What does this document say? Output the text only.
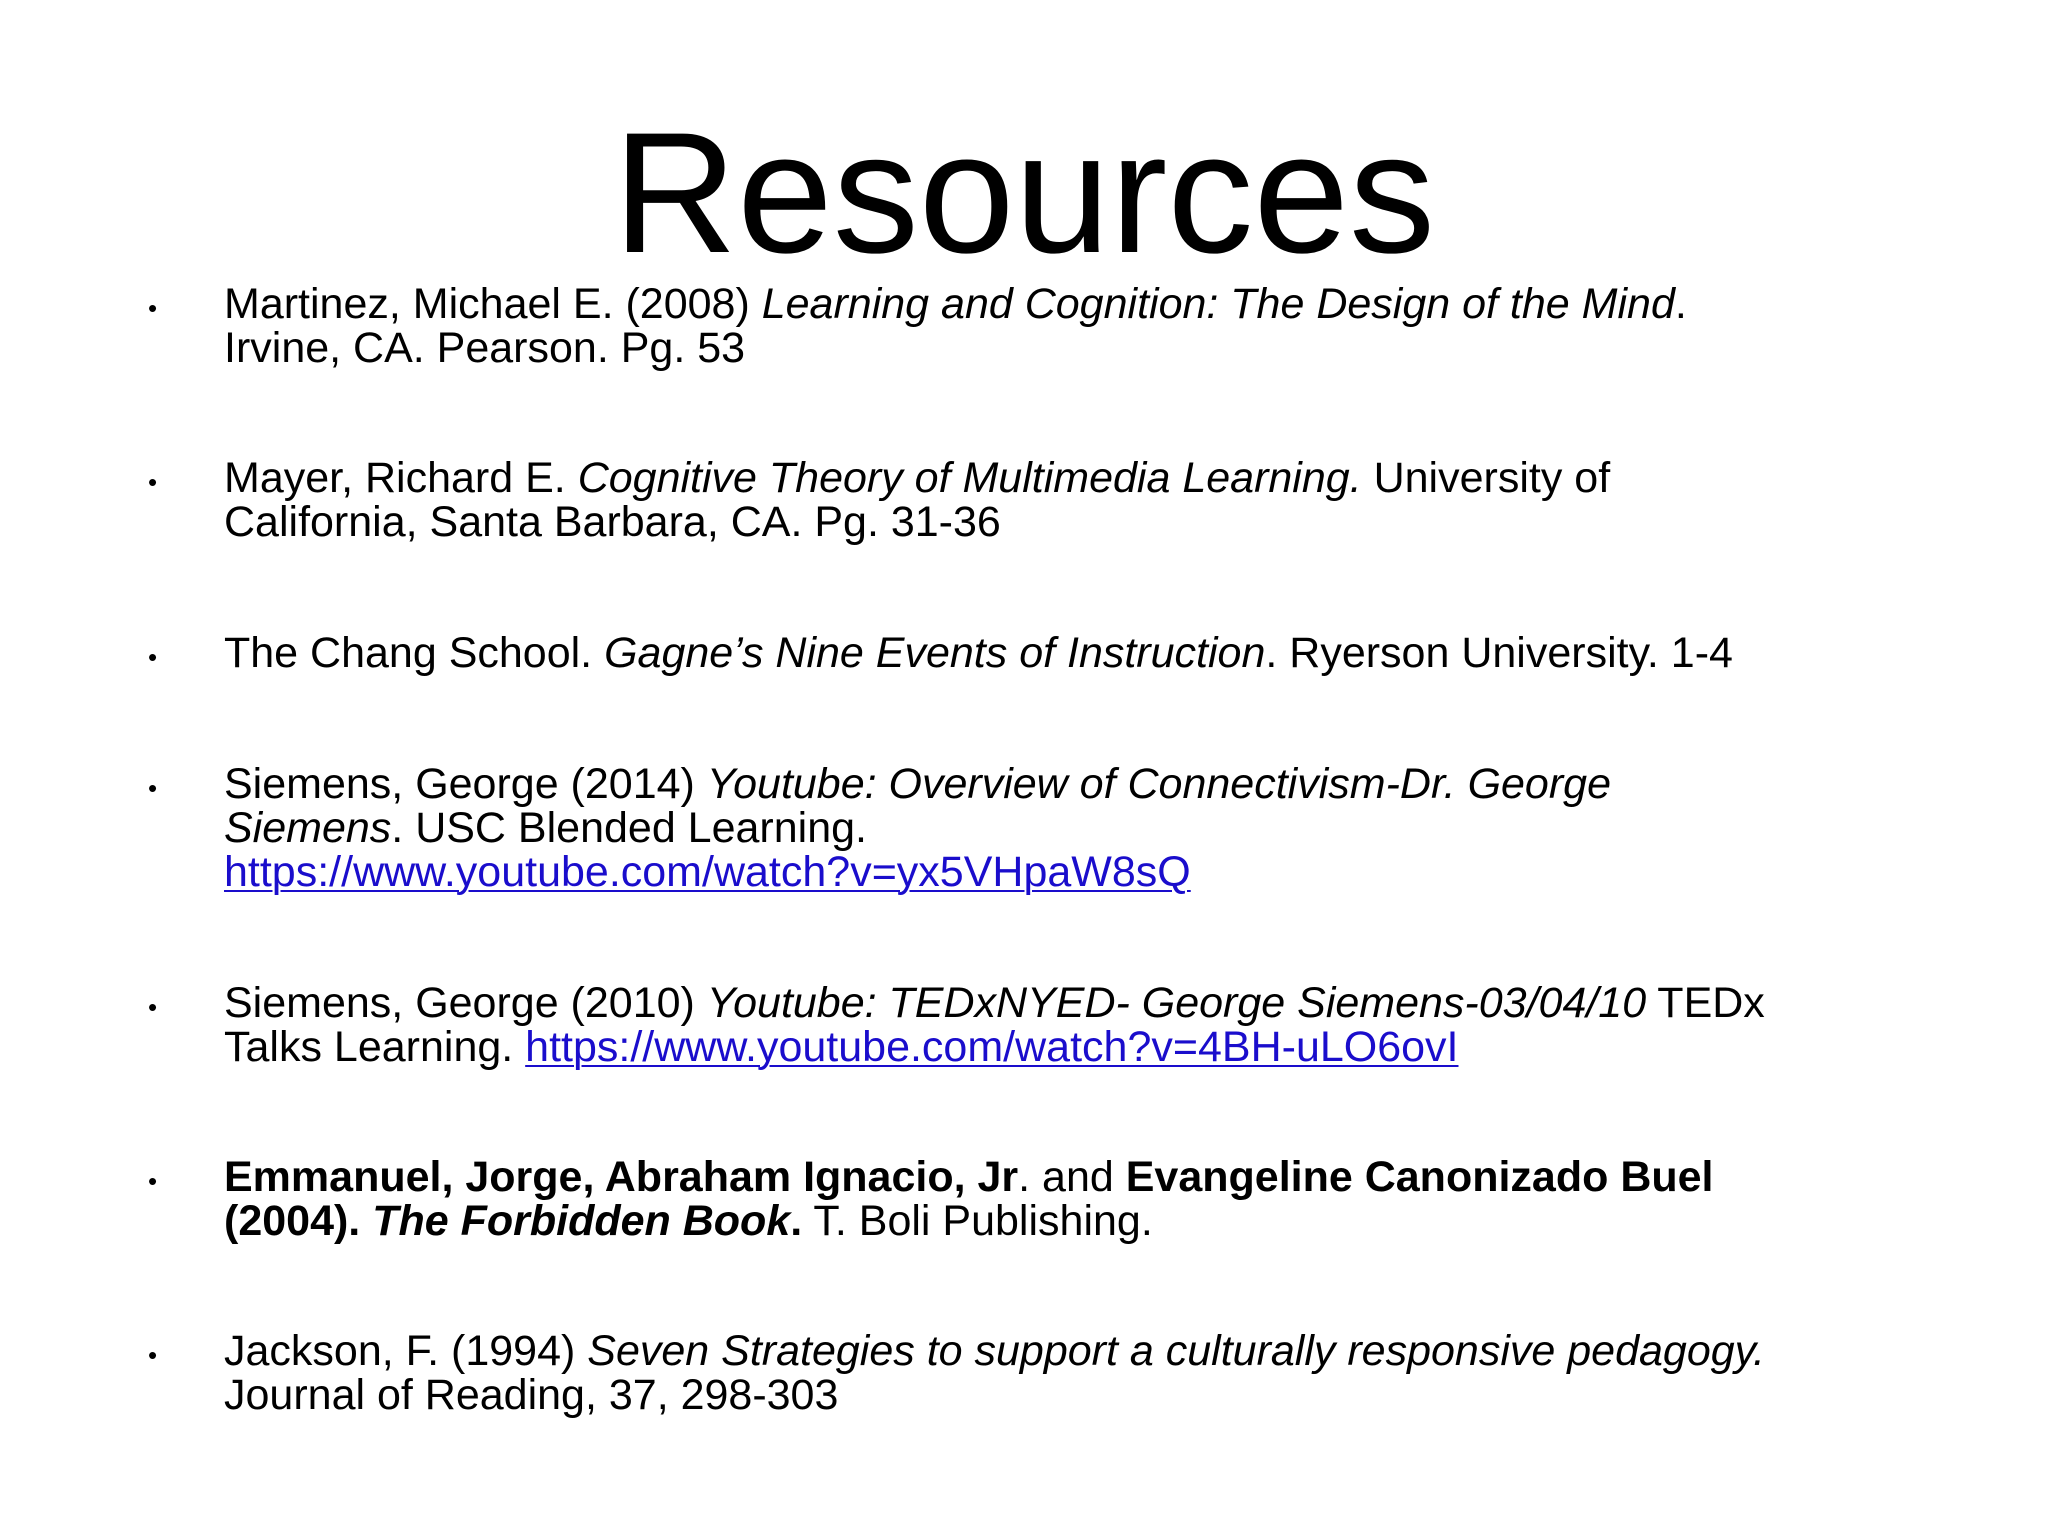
Resources
•	Martinez, Michael E. (2008) Learning and Cognition: The Design of the Mind.
Irvine, CA. Pearson. Pg. 53
•	Mayer, Richard E. Cognitive Theory of Multimedia Learning. University of
California, Santa Barbara, CA. Pg. 31-36
•	The Chang School. Gagne’s Nine Events of Instruction. Ryerson University. 1-4
•	Siemens, George (2014) Youtube: Overview of Connectivism-Dr. George
Siemens. USC Blended Learning.
https://www.youtube.com/watch?v=yx5VHpaW8sQ
•	Siemens, George (2010) Youtube: TEDxNYED- George Siemens-03/04/10 TEDx
Talks Learning. https://www.youtube.com/watch?v=4BH-uLO6ovI
•	Emmanuel, Jorge, Abraham Ignacio, Jr. and Evangeline Canonizado Buel
(2004). The Forbidden Book. T. Boli Publishing.
•	Jackson, F. (1994) Seven Strategies to support a culturally responsive pedagogy.
Journal of Reading, 37, 298-303
